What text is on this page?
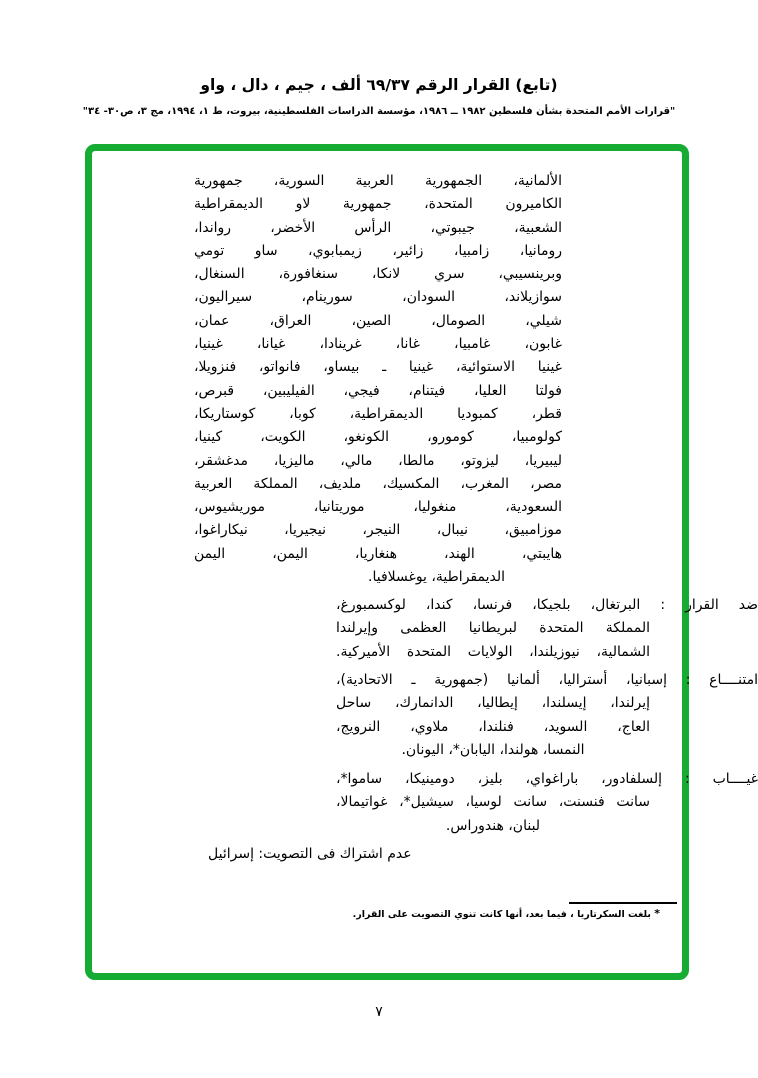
(تابع) القرار الرقم ٦٩/٣٧ ألف ، جيم ، دال ، واو
"قرارات الأمم المتحدة بشأن فلسطين ١٩٨٢ ــ ١٩٨٦، مؤسسة الدراسات الفلسطينية، بيروت، ط ١، ١٩٩٤، مج ٣، ص٣٠- ٣٤"
الألمانية، الجمهورية العربية السورية، جمهورية
الكاميرون المتحدة، جمهورية لاو الديمقراطية
الشعبية، جيبوتي، الرأس الأخضر، رواندا،
رومانيا، زامبيا، زائير، زيمبابوي، ساو تومي
وبرينسيبي، سري لانكا، سنغافورة، السنغال،
سوازيلاند، السودان، سورينام، سيراليون،
شيلي، الصومال، الصين، العراق، عمان،
غابون، غامبيا، غانا، غرينادا، غيانا، غينيا،
غينيا الاستوائية، غينيا ـ بيساو، فانواتو، فنزويلا،
فولتا العليا، فيتنام، فيجي، الفيليبين، قبرص،
قطر، كمبوديا الديمقراطية، كوبا، كوستاريكا،
كولومبيا، كومورو، الكونغو، الكويت، كينيا،
ليبيريا، ليزوتو، مالطا، مالي، ماليزيا، مدغشقر،
مصر، المغرب، المكسيك، ملديف، المملكة العربية
السعودية، منغوليا، موريتانيا، موريشيوس،
موزامبيق، نيبال، النيجر، نيجيريا، نيكاراغوا،
هايبتي، الهند، هنغاريا، اليمن، اليمن
الديمقراطية، يوغسلافيا.
ضد القرار : البرتغال، بلجيكا، فرنسا، كندا، لوكسمبورغ،
المملكة المتحدة لبريطانيا العظمى وإيرلندا
الشمالية، نيوزيلندا، الولايات المتحدة الأميركية.
امتنــــاع : إسبانيا، أستراليا، ألمانيا (جمهورية ـ الاتحادية)،
إيرلندا، إيسلندا، إيطاليا، الدانمارك، ساحل
العاج، السويد، فنلندا، ملاوي، النرويج،
النمسا، هولندا، اليابان*، اليونان.
غيــــاب : إلسلفادور، باراغواي، بليز، دومينيكا، ساموا*،
سانت فنسنت، سانت لوسيا، سيشيل*، غواتيمالا،
لبنان، هندوراس.
عدم اشتراك فى التصويت: إسرائيل
* بلغت السكرتاريا ، فيما بعد، أنها كانت تنوي التصويت على القرار.
٧
